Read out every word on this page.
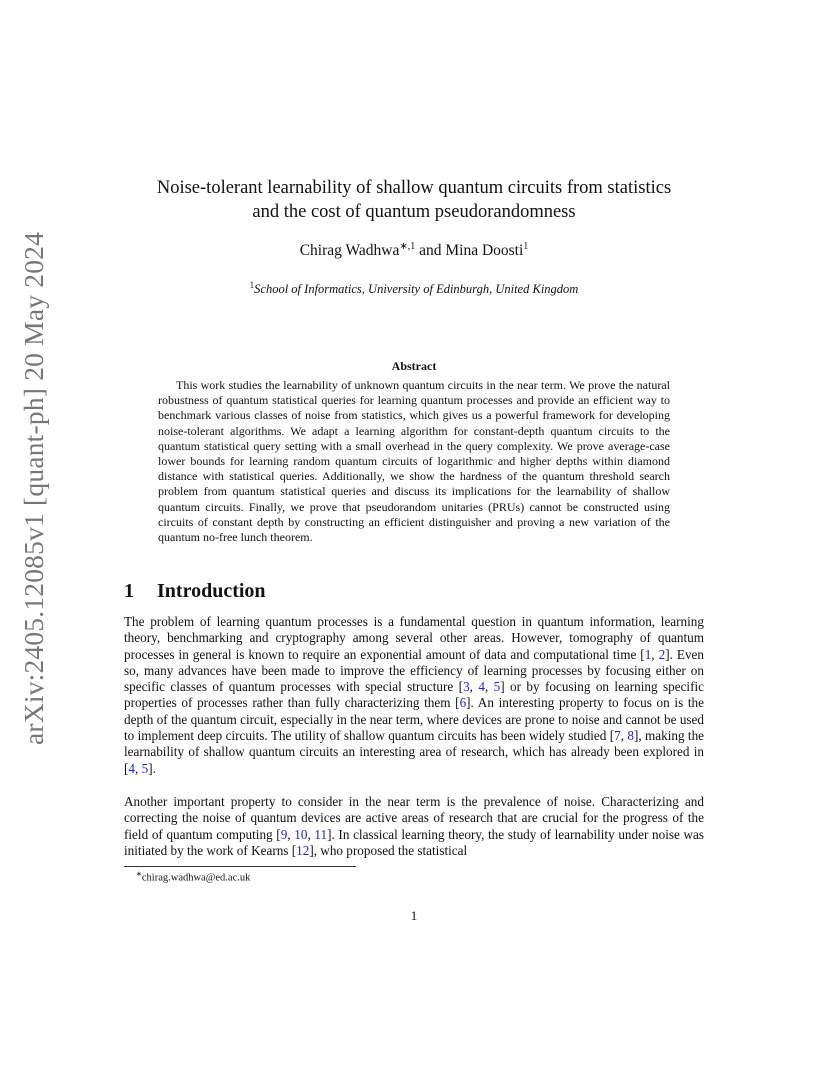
arXiv:2405.12085v1 [quant-ph] 20 May 2024
Noise-tolerant learnability of shallow quantum circuits from statistics
and the cost of quantum pseudorandomness
Chirag Wadhwa$^{∗,1}$ and Mina Doosti$^1$
$^1$School of Informatics, University of Edinburgh, United Kingdom
Abstract
This work studies the learnability of unknown quantum circuits in the near term. We prove the natural robustness of quantum statistical queries for learning quantum processes and provide an efficient way to benchmark various classes of noise from statistics, which gives us a powerful framework for developing noise-tolerant algorithms. We adapt a learning algorithm for constant-depth quantum circuits to the quantum statistical query setting with a small overhead in the query complexity. We prove average-case lower bounds for learning random quantum circuits of logarithmic and higher depths within diamond distance with statistical queries. Additionally, we show the hardness of the quantum threshold search problem from quantum statistical queries and discuss its implications for the learnability of shallow quantum circuits. Finally, we prove that pseudorandom unitaries (PRUs) cannot be constructed using circuits of constant depth by constructing an efficient distinguisher and proving a new variation of the quantum no-free lunch theorem.
1 Introduction
The problem of learning quantum processes is a fundamental question in quantum information, learning theory, benchmarking and cryptography among several other areas. However, tomography of quantum processes in general is known to require an exponential amount of data and computational time [1, 2]. Even so, many advances have been made to improve the efficiency of learning processes by focusing either on specific classes of quantum processes with special structure [3, 4, 5] or by focusing on learning specific properties of processes rather than fully characterizing them [6]. An interesting property to focus on is the depth of the quantum circuit, especially in the near term, where devices are prone to noise and cannot be used to implement deep circuits. The utility of shallow quantum circuits has been widely studied [7, 8], making the learnability of shallow quantum circuits an interesting area of research, which has already been explored in [4, 5].
Another important property to consider in the near term is the prevalence of noise. Characterizing and correcting the noise of quantum devices are active areas of research that are crucial for the progress of the field of quantum computing [9, 10, 11]. In classical learning theory, the study of learnability under noise was initiated by the work of Kearns [12], who proposed the statistical
∗chirag.wadhwa@ed.ac.uk
1
